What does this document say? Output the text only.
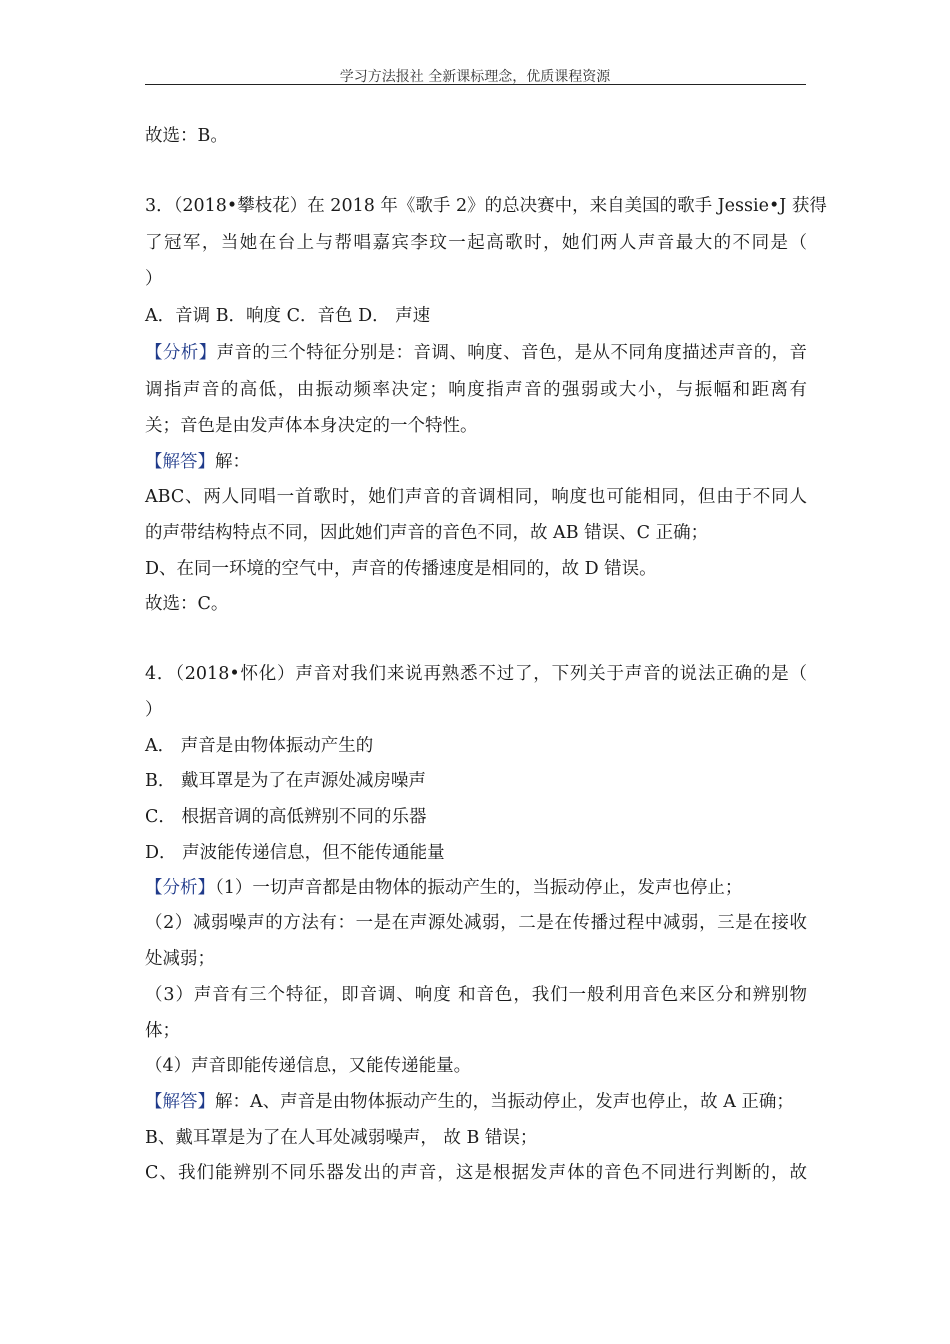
学习方法报社 全新课标理念，优质课程资源
故选：B。
3．（2018•攀枝花）在 2018 年《歌手 2》的总决赛中，来自美国的歌手 Jessie•J 获得
了冠军，当她在台上与帮唱嘉宾李玟一起高歌时，她们两人声音最大的不同是（
）
A．音调 B．响度 C．音色 D． 声速
【分析】声音的三个特征分别是：音调、响度、音色，是从不同角度描述声音的，音
调指声音的高低，由振动频率决定；响度指声音的强弱或大小，与振幅和距离有
关；音色是由发声体本身决定的一个特性。
【解答】解：
ABC、两人同唱一首歌时，她们声音的音调相同，响度也可能相同，但由于不同人
的声带结构特点不同，因此她们声音的音色不同，故 AB 错误、C 正确；
D、在同一环境的空气中，声音的传播速度是相同的，故 D 错误。
故选：C。
4．（2018•怀化）声音对我们来说再熟悉不过了，下列关于声音的说法正确的是（
）
A． 声音是由物体振动产生的
B． 戴耳罩是为了在声源处减房噪声
C． 根据音调的高低辨别不同的乐器
D． 声波能传递信息，但不能传通能量
【分析】（1）一切声音都是由物体的振动产生的，当振动停止，发声也停止；
（2）减弱噪声的方法有：一是在声源处减弱，二是在传播过程中减弱，三是在接收
处减弱；
（3）声音有三个特征，即音调、响度 和音色，我们一般利用音色来区分和辨别物
体；
（4）声音即能传递信息，又能传递能量。
【解答】解：A、声音是由物体振动产生的，当振动停止，发声也停止，故 A 正确；
B、戴耳罩是为了在人耳处减弱噪声， 故 B 错误；
C、我们能辨别不同乐器发出的声音，这是根据发声体的音色不同进行判断的，故
